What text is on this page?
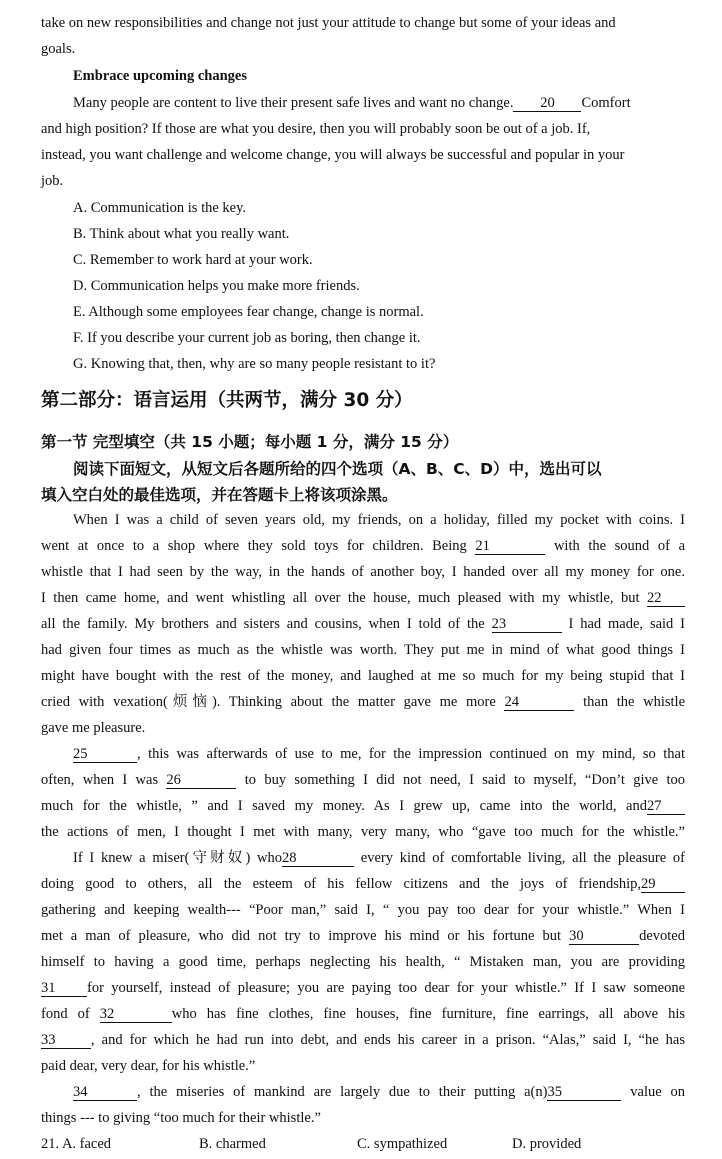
take on new responsibilities and change not just your attitude to change but some of your ideas and
goals.
Embrace upcoming changes
Many people are content to live their present safe lives and want no change. 20 Comfort
and high position? If those are what you desire, then you will probably soon be out of a job. If,
instead, you want challenge and welcome change, you will always be successful and popular in your
job.
A. Communication is the key.
B. Think about what you really want.
C. Remember to work hard at your work.
D. Communication helps you make more friends.
E. Although some employees fear change, change is normal.
F. If you describe your current job as boring, then change it.
G. Knowing that, then, why are so many people resistant to it?
第二部分：语言运用（共两节，满分 30 分）
第一节 完型填空（共 15 小题；每小题 1 分，满分 15 分）
阅读下面短文，从短文后各题所给的四个选项（A、B、C、D）中，选出可以
填入空白处的最佳选项，并在答题卡上将该项涂黑。
When I was a child of seven years old, my friends, on a holiday, filled my pocket with coins. I
went at once to a shop where they sold toys for children. Being 21	with the sound of a
whistle that I had seen by the way, in the hands of another boy, I handed over all my money for one.
I then came home, and went whistling all over the house, much pleased with my whistle, but 22
all the family. My brothers and sisters and cousins, when I told of the 23	I had made, said I
had given four times as much as the whistle was worth. They put me in mind of what good things I
might have bought with the rest of the money, and laughed at me so much for my being stupid that I
cried with vexation(烦恼). Thinking about the matter gave me more 24	than the whistle
gave me pleasure.
25	, this was afterwards of use to me, for the impression continued on my mind, so that
often, when I was 26	to buy something I did not need, I said to myself, “Don’t give too
much for the whistle, ” and I saved my money. As I grew up, came into the world, and27
the actions of men, I thought I met with many, very many, who “gave too much for the whistle.”
If I knew a miser(守财奴) who28	every kind of comfortable living, all the pleasure of
doing good to others, all the esteem of his fellow citizens and the joys of friendship,29
gathering and keeping wealth--- “Poor man,” said I, “ you pay too dear for your whistle.” When I
met a man of pleasure, who did not try to improve his mind or his fortune but 30	devoted
himself to having a good time, perhaps neglecting his health, “ Mistaken man, you are providing
31 for yourself, instead of pleasure; you are paying too dear for your whistle.” If I saw someone
fond of 32	who has fine clothes, fine houses, fine furniture, fine earrings, all above his
33 , and for which he had run into debt, and ends his career in a prison. “Alas,” said I, “he has
paid dear, very dear, for his whistle.”
34	, the miseries of mankind are largely due to their putting a(n)35	value on
things --- to giving “too much for their whistle.”
21. A. faced	B. charmed	C. sympathized	D. provided
